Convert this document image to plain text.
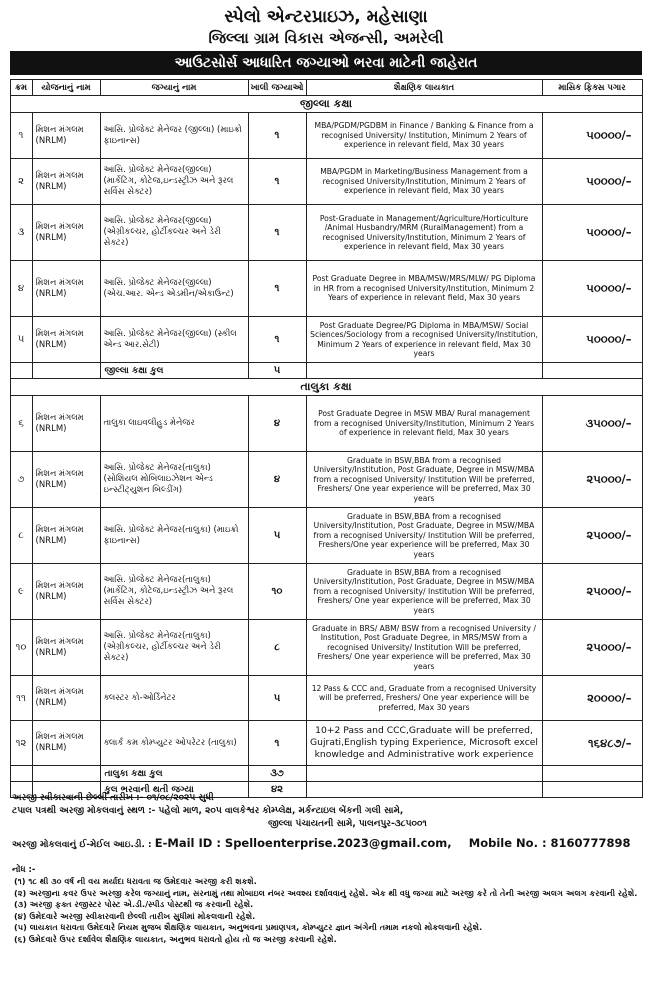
સ્પેલો એન્ટરપ્રાઇઝ, મહેસાણા
જિલ્લા ગ્રામ વિકાસ એજન્સી, અમરેલી
આઉટસોર્સ આધારિત જગ્યાઓ ભરવા માટેની જાહેરાત
ક્રમ	યોજનાનું નામ	જગ્યાનું નામ	ખાલી જગ્યાઓ	શૈક્ષણિક લાયકાત	માસિક ફિક્સ પગાર
જીલ્લા કક્ષા					
૧	મિશન મંગલમ (NRLM)	આસિ. પ્રોજેક્ટ મેનેજર (જીલ્લા) (માઇક્રો ફાઇનાન્સ)	૧	MBA/PGDM/PGDBM in Finance / Banking & Finance from a recognised University/ Institution, Minimum 2 Years of experience in relevant field, Max 30 years	૫૦૦૦૦/–
૨	મિશન મંગલમ (NRLM)	આસિ. પ્રોજેક્ટ મેનેજર(જીલ્લા) (માર્કેટિંગ, કોટેજ,ઇન્ડસ્ટ્રીઝ અને રૂરલ સર્વિસ સેક્ટર)	૧	MBA/PGDM in Marketing/Business Management from a recognised University/Institution, Minimum 2 Years of experience in relevant field, Max 30 years	૫૦૦૦૦/–
૩	મિશન મંગલમ (NRLM)	આસિ. પ્રોજેક્ટ મેનેજર(જીલ્લા) (એગ્રીકલ્ચર, હોર્ટીકલ્ચર અને ડેરી સેક્ટર)	૧	Post-Graduate in Management/Agriculture/Horticulture /Animal Husbandry/MRM (RuralManagement) from a recognised University/Institution, Minimum 2 Years of experience in relevant field, Max 30 years	૫૦૦૦૦/–
૪	મિશન મંગલમ (NRLM)	આસિ. પ્રોજેક્ટ મેનેજર(જીલ્લા) (એચ.આર. એન્ડ એડમીન/એકાઉન્ટ)	૧	Post Graduate Degree in MBA/MSW/MRS/MLW/ PG Diploma in HR from a recognised University/Institution, Minimum 2 Years of experience in relevant field, Max 30 years	૫૦૦૦૦/–
૫	મિશન મંગલમ (NRLM)	આસિ. પ્રોજેક્ટ મેનેજર(જીલ્લા) (સ્કીલ એન્ડ આર.સેટી)	૧	Post Graduate Degree/PG Diploma in MBA/MSW/ Social Sciences/Sociology from a recognised University/Institution, Minimum 2 Years of experience in relevant field, Max 30 years	૫૦૦૦૦/–
		જીલ્લા કક્ષા કુલ	૫		
તાલુકા કક્ષા					
૬	મિશન મંગલમ (NRLM)	તાલુકા લાઇવલીહુડ મેનેજર	૪	Post Graduate Degree in MSW MBA/ Rural management from a recognised University/Institution, Minimum 2 Years of experience in relevant field, Max 30 years	૩૫૦૦૦/–
૭	મિશન મંગલમ (NRLM)	આસિ. પ્રોજેક્ટ મેનેજર(તાલુકા) (સોશિયલ મોબિલાઇઝેશન એન્ડ ઇન્સ્ટીટ્યુશન બિલ્ડીંગ)	૪	Graduate in BSW,BBA from a recognised University/Institution, Post Graduate, Degree in MSW/MBA from a recognised University/ Institution Will be preferred, Freshers/ One year experience will be preferred, Max 30 years	૨૫૦૦૦/–
૮	મિશન મંગલમ (NRLM)	આસિ. પ્રોજેક્ટ મેનેજર(તાલુકા) (માઇક્રો ફાઇનાન્સ)	૫	Graduate in BSW,BBA from a recognised University/Institution, Post Graduate, Degree in MSW/MBA from a recognised University/ Institution Will be preferred, Freshers/One year experience will be preferred, Max 30 years	૨૫૦૦૦/–
૯	મિશન મંગલમ (NRLM)	આસિ. પ્રોજેક્ટ મેનેજર(તાલુકા) (માર્કેટિંગ, કોટેજ,ઇન્ડસ્ટ્રીઝ અને રૂરલ સર્વિસ સેક્ટર)	૧૦	Graduate in BSW,BBA from a recognised University/Institution, Post Graduate, Degree in MSW/MBA from a recognised University/ Institution Will be preferred, Freshers/ One year experience will be preferred, Max 30 years	૨૫૦૦૦/–
૧૦	મિશન મંગલમ (NRLM)	આસિ. પ્રોજેક્ટ મેનેજર(તાલુકા) (એગ્રીકલ્ચર, હોર્ટીકલ્ચર અને ડેરી સેક્ટર)	૮	Graduate in BRS/ ABM/ BSW from a recognised University / Institution, Post Graduate Degree, in MRS/MSW from a recognised University/ Institution Will be preferred, Freshers/ One year experience will be preferred, Max 30 years	૨૫૦૦૦/–
૧૧	મિશન મંગલમ (NRLM)	ક્લસ્ટર કો-ઓર્ડિનેટર	૫	12 Pass & CCC and, Graduate from a recognised University will be preferred, Freshers/ One year experience will be preferred, Max 30 years	૨૦૦૦૦/–
૧૨	મિશન મંગલમ (NRLM)	ક્લાર્ક કમ કોમ્પ્યુટર ઓપરેટર (તાલુકા)	૧	10+2 Pass and CCC,Graduate will be preferred, Gujrati,English typing Experience, Microsoft excel knowledge and Administrative work experience	૧૬૪૮૭/–
		તાલુકા કક્ષા કુલ	૩૭		
		કુલ ભરવાની થતી જગ્યા	૪૨		
અરજી સ્વીકારવાની છેલ્લી તારીખ :- ૦૧/૦૮/૨૦૨૫ સુધી
ટપાલ પત્રથી અરજી મોકલવાનું સ્થળ :- પહેલો માળ, ૨૦૫ વાલકેશ્વર કોમ્પ્લેક્ષ, મર્કન્ટાઇલ બેંકની ગલી સામે,
જીલ્લા પંચાયતની સામે, પાલનપુર-૩૮૫૦૦૧
અરજી મોકલવાનું ઈ-મેઈલ આઇ.ડી. : E-Mail ID : Spelloenterprise.2023@gmail.com, Mobile No. : 8160777898
નોંધ :-
(૧) ૧૮ થી ૩૦ વર્ષ ની વય મર્યાદા ધરાવતા જ ઉમેદવાર અરજી કરી શકશે.
(૨) અરજીના કવર ઉપર અરજી કરેલ જગ્યાનું નામ, સરનામું તથા મોબાઇલ નંબર અવશ્ય દર્શાવવાનું રહેશે. એક થી વધુ જગ્યા માટે અરજી કરે તો તેની અરજી અલગ અલગ કરવાની રહેશે.
(૩) અરજી ફક્ત રજીસ્ટર પોસ્ટ એ.ડી./સ્પીડ પોસ્ટથી જ કરવાની રહેશે.
(૪) ઉમેદવારે અરજી સ્વીકારવાની છેલ્લી તારીખ સુધીમાં મોકલવાની રહેશે.
(૫) લાયકાત ધરાવતા ઉમેદવારે નિયમ મુજબ શૈક્ષણિક લાયકાત, અનુભવના પ્રમાણપત્ર, કોમ્પ્યુટર જ્ઞાન અંગેની તમામ નકલો મોકલવાની રહેશે.
(૬) ઉમેદવારે ઉપર દર્શાવેલ શૈક્ષણિક લાયકાત, અનુભવ ધરાવતો હોય તો જ અરજી કરવાની રહેશે.
